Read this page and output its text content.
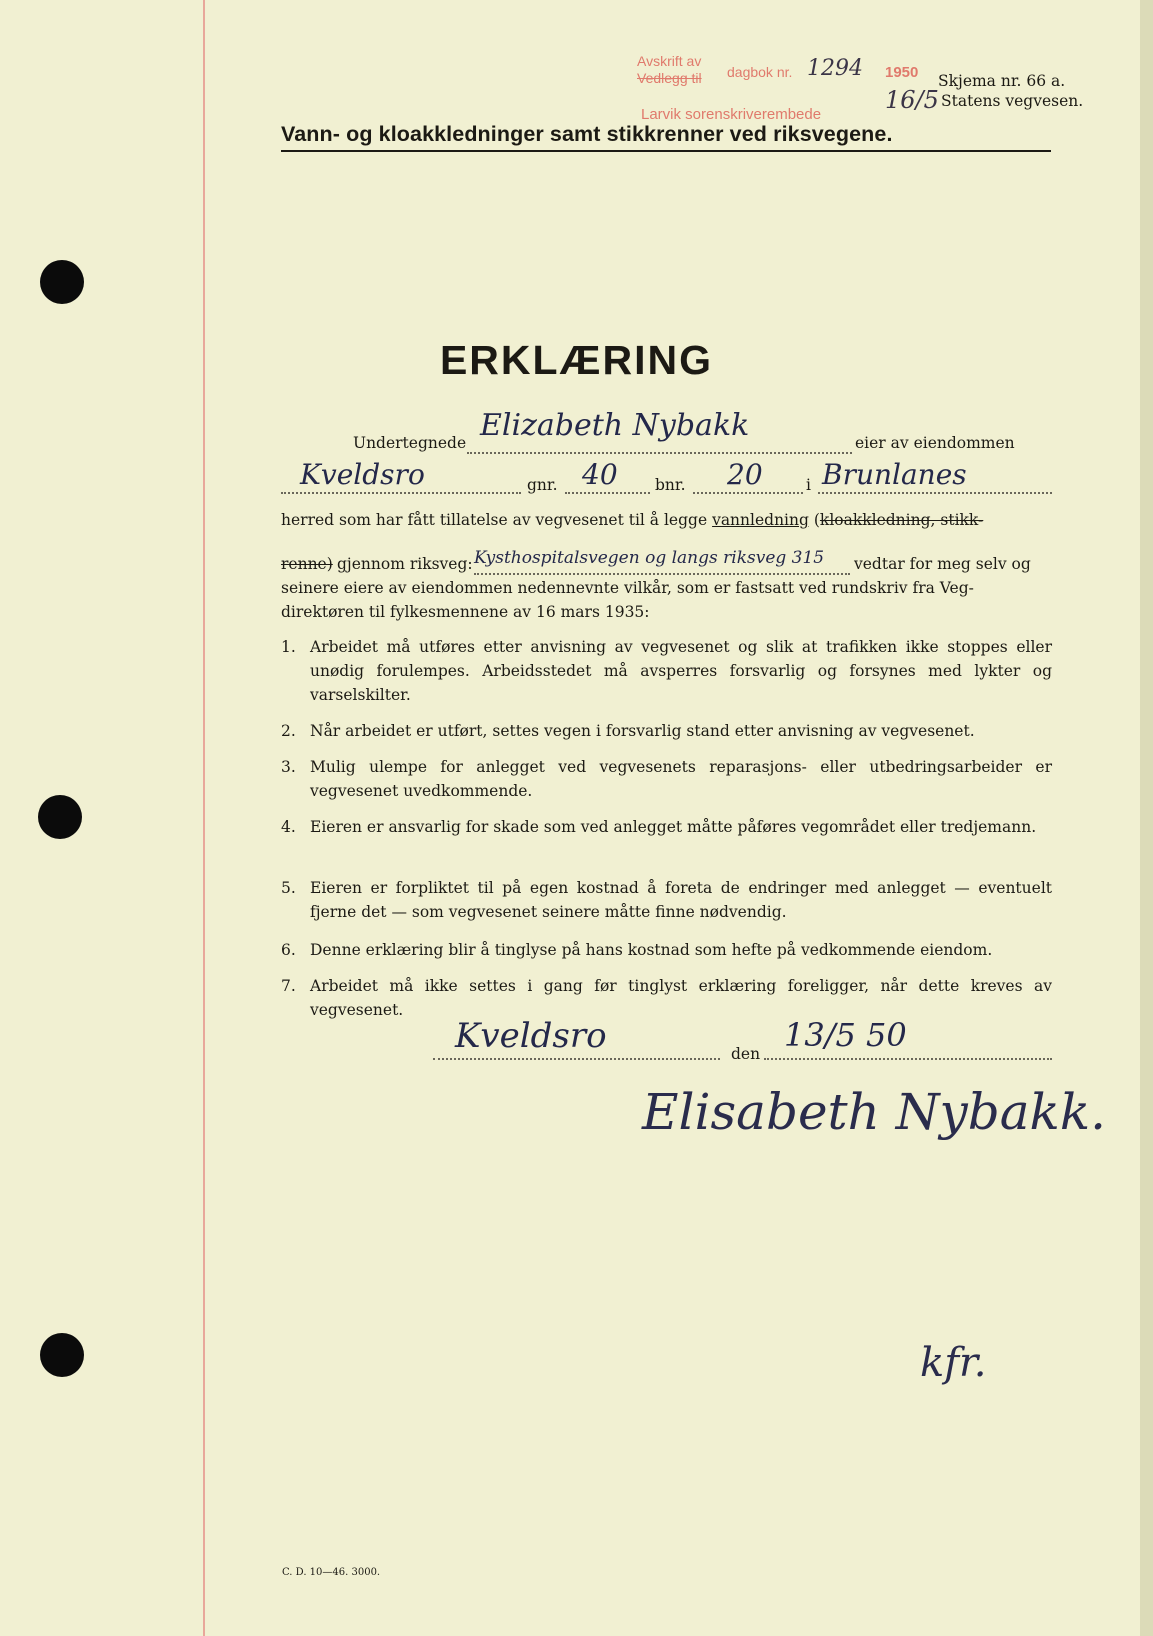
Avskrift av
Vedlegg til dagbok nr. 1294 1950
Larvik sorenskriverembede
16/5
Skjema nr. 66 a.
Statens vegvesen.
Vann- og kloakkledninger samt stikkrenner ved riksvegene.
ERKLÆRING
Undertegnede Elizabeth Nybakk	eier av eiendommen
Kveldsro	gnr. 40 bnr. 20	i Brunlanes
herred som har fått tillatelse av vegvesenet til å legge vannledning (kloakkledning, stikk-
renne) gjennom riksveg: Kysthospitalsvegen og langs riksveg 315 vedtar for meg selv og
seinere eiere av eiendommen nedennevnte vilkår, som er fastsatt ved rundskriv fra Veg-
direktøren til fylkesmennene av 16 mars 1935:
1. Arbeidet må utføres etter anvisning av vegvesenet og slik at trafikken ikke stoppes eller unødig forulempes. Arbeidsstedet må avsperres forsvarlig og forsynes med lykter og varselskilter.
2. Når arbeidet er utført, settes vegen i forsvarlig stand etter anvisning av vegvesenet.
3. Mulig ulempe for anlegget ved vegvesenets reparasjons- eller utbedringsarbeider er vegvesenet uvedkommende.
4. Eieren er ansvarlig for skade som ved anlegget måtte påføres vegområdet eller tredjemann.
5. Eieren er forpliktet til på egen kostnad å foreta de endringer med anlegget — eventuelt fjerne det — som vegvesenet seinere måtte finne nødvendig.
6. Denne erklæring blir å tinglyse på hans kostnad som hefte på vedkommende eiendom.
7. Arbeidet må ikke settes i gang før tinglyst erklæring foreligger, når dette kreves av vegvesenet.
Kveldsro	den 13/5 50
Elisabeth Nybakk.
kfr.
C. D. 10—46. 3000.
